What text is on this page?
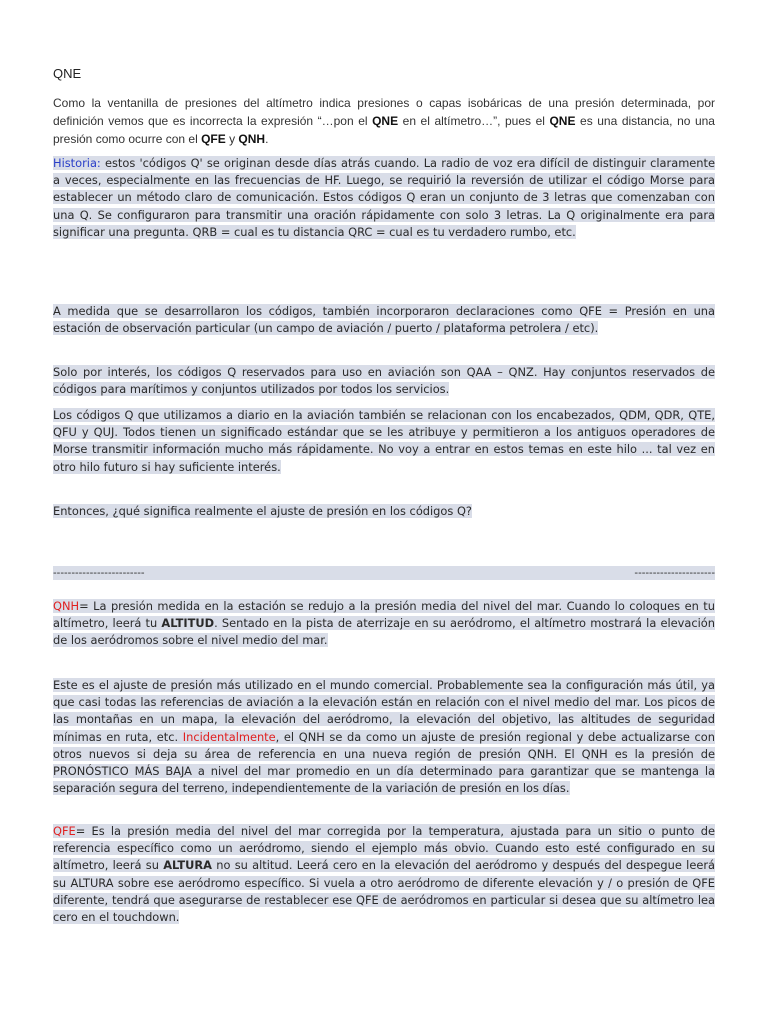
QNE
Como la ventanilla de presiones del altímetro indica presiones o capas isobáricas de una presión determinada, por definición vemos que es incorrecta la expresión “…pon el QNE en el altímetro…”, pues el QNE es una distancia, no una presión como ocurre con el QFE y QNH.
Historia: estos 'códigos Q' se originan desde días atrás cuando. La radio de voz era difícil de distinguir claramente a veces, especialmente en las frecuencias de HF. Luego, se requirió la reversión de utilizar el código Morse para establecer un método claro de comunicación. Estos códigos Q eran un conjunto de 3 letras que comenzaban con una Q. Se configuraron para transmitir una oración rápidamente con solo 3 letras. La Q originalmente era para significar una pregunta. QRB = cual es tu distancia QRC = cual es tu verdadero rumbo, etc.
A medida que se desarrollaron los códigos, también incorporaron declaraciones como QFE = Presión en una estación de observación particular (un campo de aviación / puerto / plataforma petrolera / etc).
Solo por interés, los códigos Q reservados para uso en aviación son QAA – QNZ. Hay conjuntos reservados de códigos para marítimos y conjuntos utilizados por todos los servicios.
Los códigos Q que utilizamos a diario en la aviación también se relacionan con los encabezados, QDM, QDR, QTE, QFU y QUJ. Todos tienen un significado estándar que se les atribuye y permitieron a los antiguos operadores de Morse transmitir información mucho más rápidamente. No voy a entrar en estos temas en este hilo ... tal vez en otro hilo futuro si hay suficiente interés.
Entonces, ¿qué significa realmente el ajuste de presión en los códigos Q?
-------------------------	----------------------
QNH= La presión medida en la estación se redujo a la presión media del nivel del mar. Cuando lo coloques en tu altímetro, leerá tu ALTITUD. Sentado en la pista de aterrizaje en su aeródromo, el altímetro mostrará la elevación de los aeródromos sobre el nivel medio del mar.
Este es el ajuste de presión más utilizado en el mundo comercial. Probablemente sea la configuración más útil, ya que casi todas las referencias de aviación a la elevación están en relación con el nivel medio del mar. Los picos de las montañas en un mapa, la elevación del aeródromo, la elevación del objetivo, las altitudes de seguridad mínimas en ruta, etc. Incidentalmente, el QNH se da como un ajuste de presión regional y debe actualizarse con otros nuevos si deja su área de referencia en una nueva región de presión QNH. El QNH es la presión de PRONÓSTICO MÁS BAJA a nivel del mar promedio en un día determinado para garantizar que se mantenga la separación segura del terreno, independientemente de la variación de presión en los días.
QFE= Es la presión media del nivel del mar corregida por la temperatura, ajustada para un sitio o punto de referencia específico como un aeródromo, siendo el ejemplo más obvio. Cuando esto esté configurado en su altímetro, leerá su ALTURA no su altitud. Leerá cero en la elevación del aeródromo y después del despegue leerá su ALTURA sobre ese aeródromo específico. Si vuela a otro aeródromo de diferente elevación y / o presión de QFE diferente, tendrá que asegurarse de restablecer ese QFE de aeródromos en particular si desea que su altímetro lea cero en el touchdown.
